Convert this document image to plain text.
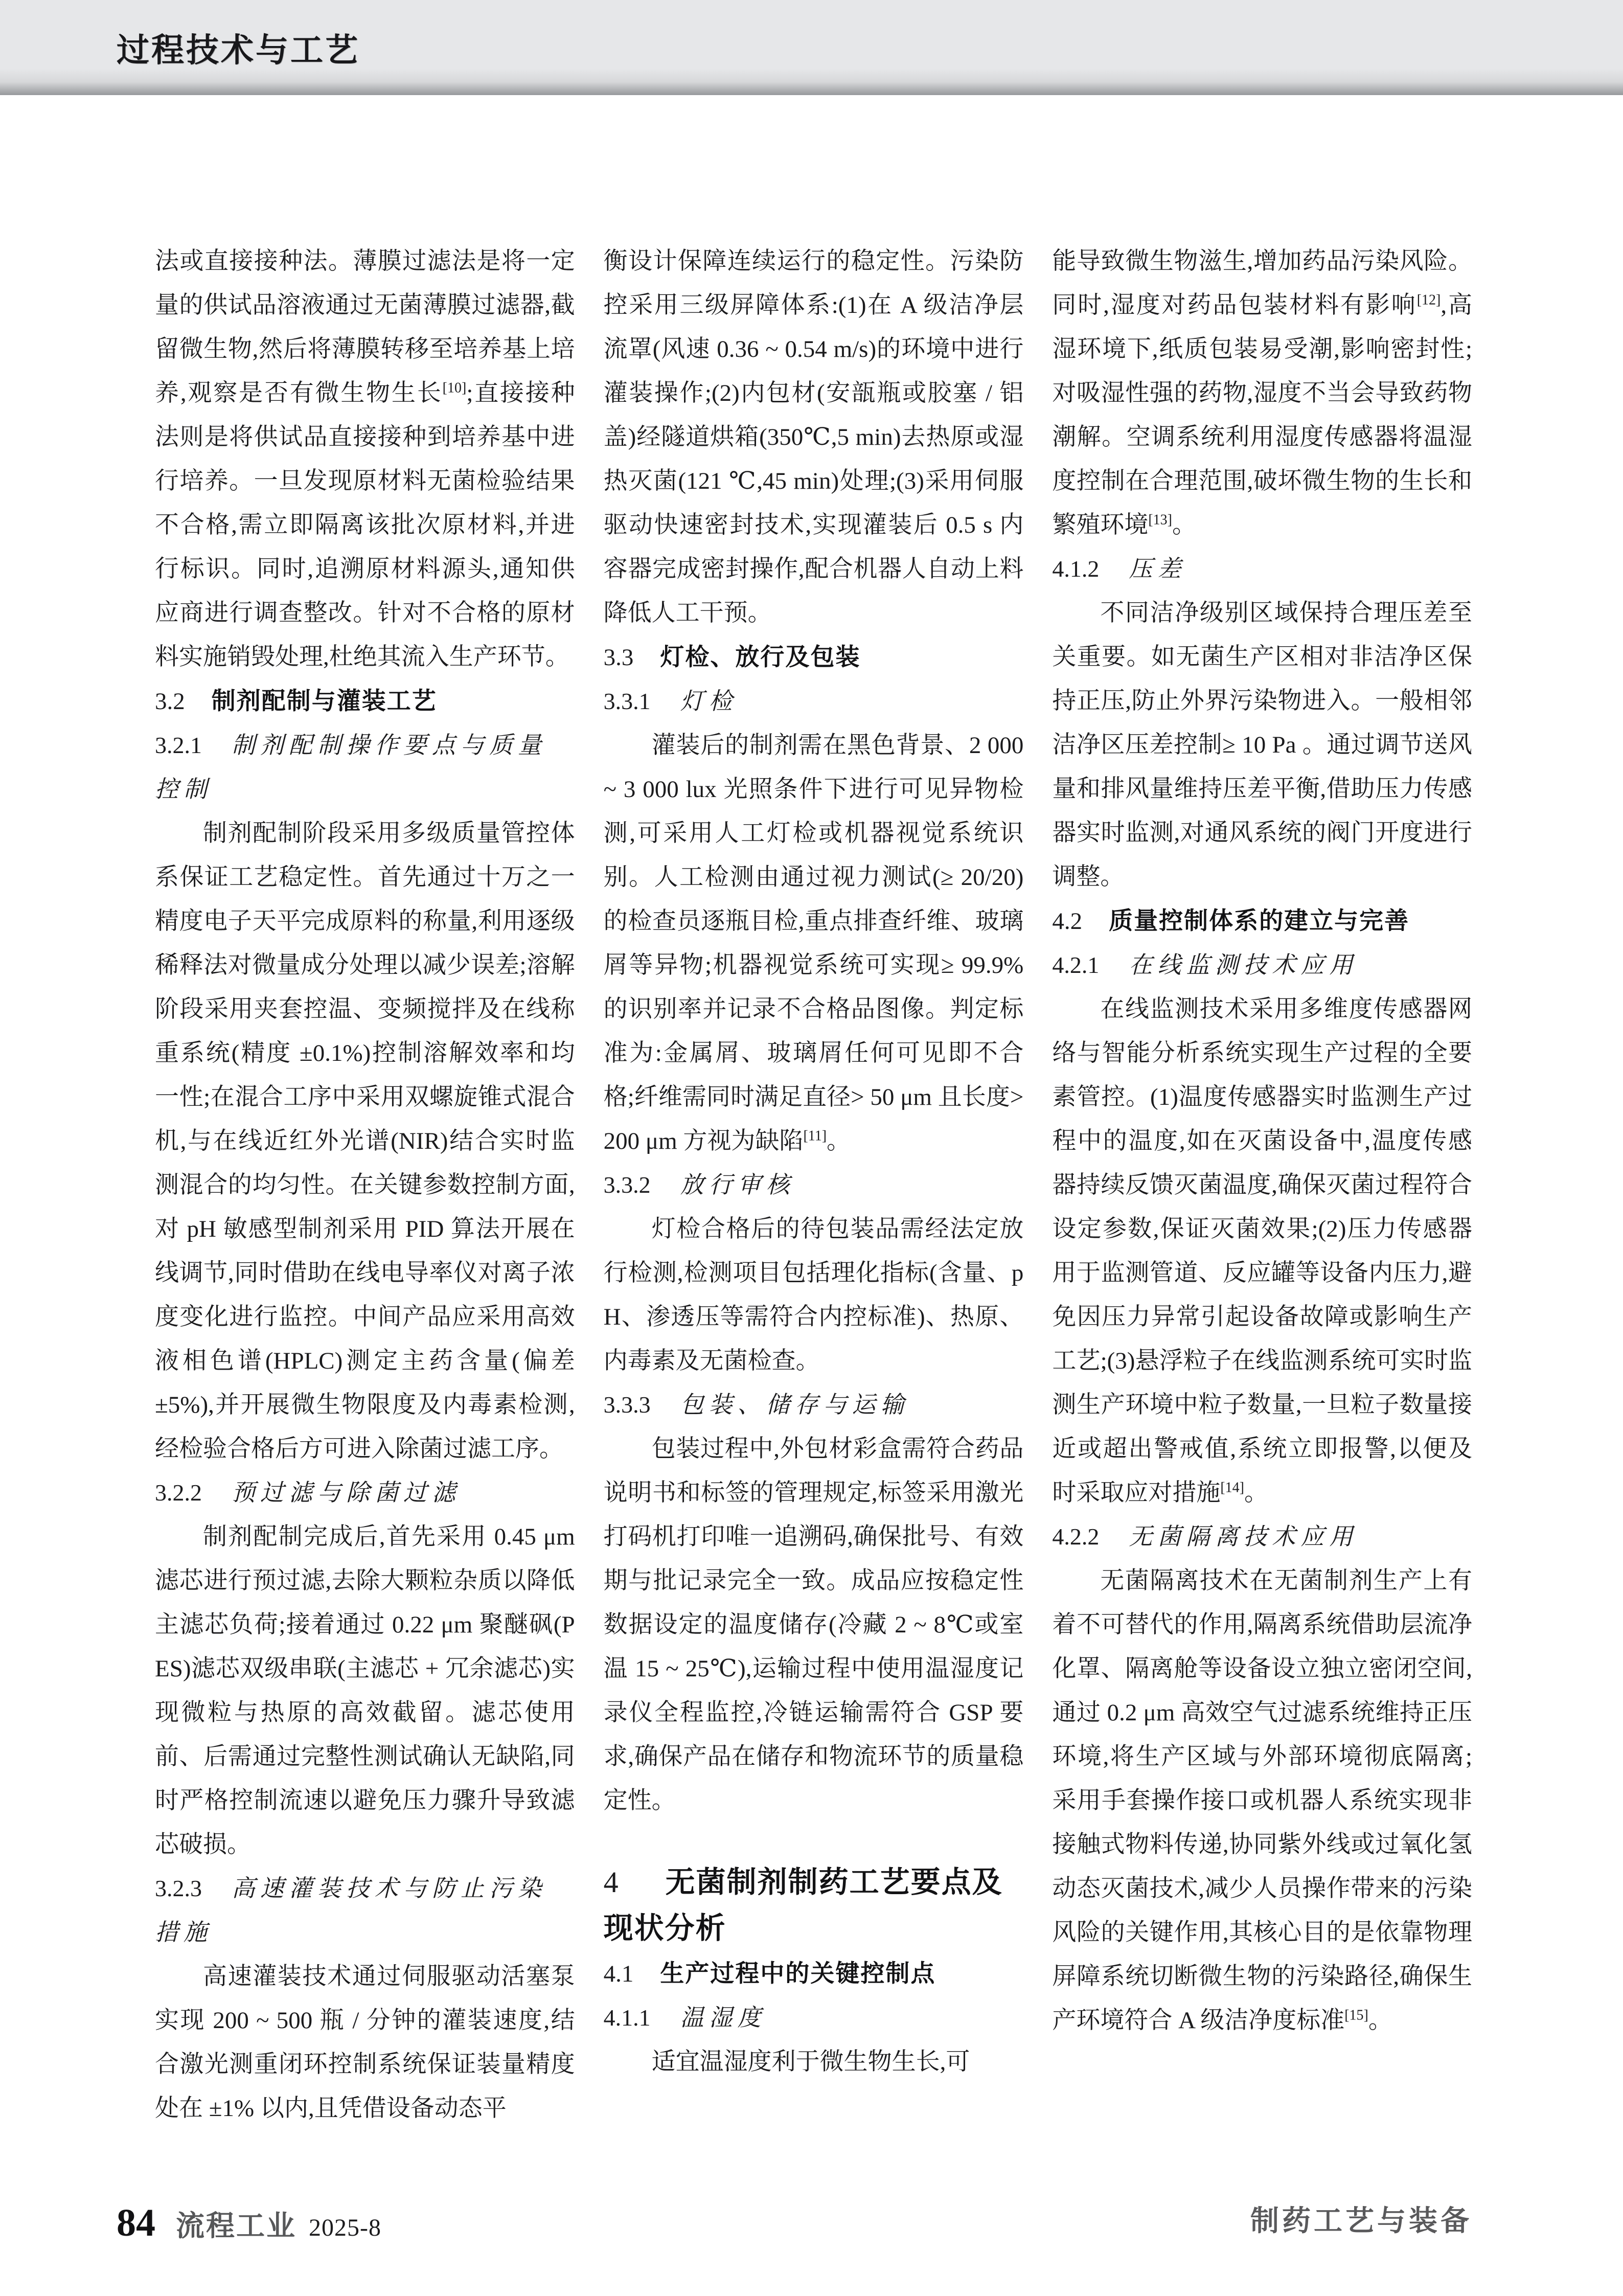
过程技术与工艺

法或直接接种法。薄膜过滤法是将一定量的供试品溶液通过无菌薄膜过滤器,截留微生物,然后将薄膜转移至培养基上培养,观察是否有微生物生长[10];直接接种法则是将供试品直接接种到培养基中进行培养。一旦发现原材料无菌检验结果不合格,需立即隔离该批次原材料,并进行标识。同时,追溯原材料源头,通知供应商进行调查整改。针对不合格的原材料实施销毁处理,杜绝其流入生产环节。

3.2 制剂配制与灌装工艺
3.2.1 制剂配制操作要点与质量控制

制剂配制阶段采用多级质量管控体系保证工艺稳定性。首先通过十万之一精度电子天平完成原料的称量,利用逐级稀释法对微量成分处理以减少误差;溶解阶段采用夹套控温、变频搅拌及在线称重系统(精度 ±0.1%)控制溶解效率和均一性;在混合工序中采用双螺旋锥式混合机,与在线近红外光谱(NIR)结合实时监测混合的均匀性。在关键参数控制方面,对 pH 敏感型制剂采用 PID 算法开展在线调节,同时借助在线电导率仪对离子浓度变化进行监控。中间产品应采用高效液相色谱(HPLC)测定主药含量(偏差 ±5%),并开展微生物限度及内毒素检测,经检验合格后方可进入除菌过滤工序。

3.2.2 预过滤与除菌过滤

制剂配制完成后,首先采用 0.45 μm 滤芯进行预过滤,去除大颗粒杂质以降低主滤芯负荷;接着通过 0.22 μm 聚醚砜(PES)滤芯双级串联(主滤芯 + 冗余滤芯)实现微粒与热原的高效截留。滤芯使用前、后需通过完整性测试确认无缺陷,同时严格控制流速以避免压力骤升导致滤芯破损。

3.2.3 高速灌装技术与防止污染措施

高速灌装技术通过伺服驱动活塞泵实现 200 ~ 500 瓶 / 分钟的灌装速度,结合激光测重闭环控制系统保证装量精度处在 ±1% 以内,且凭借设备动态平

衡设计保障连续运行的稳定性。污染防控采用三级屏障体系:(1)在 A 级洁净层流罩(风速 0.36 ~ 0.54 m/s)的环境中进行灌装操作;(2)内包材(安瓿瓶或胶塞 / 铝盖)经隧道烘箱(350℃,5 min)去热原或湿热灭菌(121 ℃,45 min)处理;(3)采用伺服驱动快速密封技术,实现灌装后 0.5 s 内容器完成密封操作,配合机器人自动上料降低人工干预。

3.3 灯检、放行及包装
3.3.1 灯检

灌装后的制剂需在黑色背景、2 000 ~ 3 000 lux 光照条件下进行可见异物检测,可采用人工灯检或机器视觉系统识别。人工检测由通过视力测试(≥ 20/20)的检查员逐瓶目检,重点排查纤维、玻璃屑等异物;机器视觉系统可实现≥ 99.9% 的识别率并记录不合格品图像。判定标准为:金属屑、玻璃屑任何可见即不合格;纤维需同时满足直径> 50 μm 且长度> 200 μm 方视为缺陷[11]。

3.3.2 放行审核

灯检合格后的待包装品需经法定放行检测,检测项目包括理化指标(含量、pH、渗透压等需符合内控标准)、热原、内毒素及无菌检查。

3.3.3 包装、储存与运输

包装过程中,外包材彩盒需符合药品说明书和标签的管理规定,标签采用激光打码机打印唯一追溯码,确保批号、有效期与批记录完全一致。成品应按稳定性数据设定的温度储存(冷藏 2 ~ 8℃或室温 15 ~ 25℃),运输过程中使用温湿度记录仪全程监控,冷链运输需符合 GSP 要求,确保产品在储存和物流环节的质量稳定性。

4 无菌制剂制药工艺要点及现状分析
4.1 生产过程中的关键控制点
4.1.1 温湿度

适宜温湿度利于微生物生长,可

能导致微生物滋生,增加药品污染风险。同时,湿度对药品包装材料有影响[12],高湿环境下,纸质包装易受潮,影响密封性;对吸湿性强的药物,湿度不当会导致药物潮解。空调系统利用湿度传感器将温湿度控制在合理范围,破坏微生物的生长和繁殖环境[13]。

4.1.2 压差

不同洁净级别区域保持合理压差至关重要。如无菌生产区相对非洁净区保持正压,防止外界污染物进入。一般相邻洁净区压差控制≥ 10 Pa 。通过调节送风量和排风量维持压差平衡,借助压力传感器实时监测,对通风系统的阀门开度进行调整。

4.2 质量控制体系的建立与完善
4.2.1 在线监测技术应用

在线监测技术采用多维度传感器网络与智能分析系统实现生产过程的全要素管控。(1)温度传感器实时监测生产过程中的温度,如在灭菌设备中,温度传感器持续反馈灭菌温度,确保灭菌过程符合设定参数,保证灭菌效果;(2)压力传感器用于监测管道、反应罐等设备内压力,避免因压力异常引起设备故障或影响生产工艺;(3)悬浮粒子在线监测系统可实时监测生产环境中粒子数量,一旦粒子数量接近或超出警戒值,系统立即报警,以便及时采取应对措施[14]。

4.2.2 无菌隔离技术应用

无菌隔离技术在无菌制剂生产上有着不可替代的作用,隔离系统借助层流净化罩、隔离舱等设备设立独立密闭空间,通过 0.2 μm 高效空气过滤系统维持正压环境,将生产区域与外部环境彻底隔离;采用手套操作接口或机器人系统实现非接触式物料传递,协同紫外线或过氧化氢动态灭菌技术,减少人员操作带来的污染风险的关键作用,其核心目的是依靠物理屏障系统切断微生物的污染路径,确保生产环境符合 A 级洁净度标准[15]。

84 流程工业 2025-8	制药工艺与装备
